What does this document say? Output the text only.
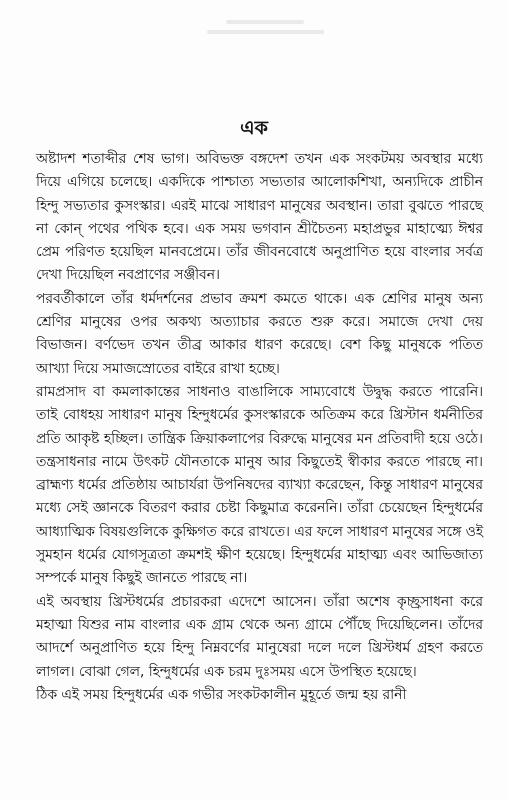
এক

অষ্টাদশ শতাব্দীর শেষ ভাগ। অবিভক্ত বঙ্গদেশ তখন এক সংকটময় অবস্থার মধ্যে দিয়ে এগিয়ে চলেছে। একদিকে পাশ্চাত্য সভ্যতার আলোকশিখা, অন্যদিকে প্রাচীন হিন্দু সভ্যতার কুসংস্কার। এরই মাঝে সাধারণ মানুষের অবস্থান। তারা বুঝতে পারছে না কোন্ পথের পথিক হবে। এক সময় ভগবান শ্রীচৈতন্য মহাপ্রভুর মাহাত্ম্যে ঈশ্বর প্রেম পরিণত হয়েছিল মানবপ্রেমে। তাঁর জীবনবোধে অনুপ্রাণিত হয়ে বাংলার সর্বত্র দেখা দিয়েছিল নবপ্রাণের সঞ্জীবন।

পরবর্তীকালে তাঁর ধর্মদর্শনের প্রভাব ক্রমশ কমতে থাকে। এক শ্রেণির মানুষ অন্য শ্রেণির মানুষের ওপর অকথ্য অত্যাচার করতে শুরু করে। সমাজে দেখা দেয় বিভাজন। বর্ণভেদ তখন তীব্র আকার ধারণ করেছে। বেশ কিছু মানুষকে পতিত আখ্যা দিয়ে সমাজস্রোতের বাইরে রাখা হচ্ছে।

রামপ্রসাদ বা কমলাকান্তের সাধনাও বাঙালিকে সাম্যবোধে উদ্বুদ্ধ করতে পারেনি। তাই বোধহয় সাধারণ মানুষ হিন্দুধর্মের কুসংস্কারকে অতিক্রম করে খ্রিস্টান ধর্মনীতির প্রতি আকৃষ্ট হচ্ছিল। তান্ত্রিক ক্রিয়াকলাপের বিরুদ্ধে মানুষের মন প্রতিবাদী হয়ে ওঠে। তন্ত্রসাধনার নামে উৎকট যৌনতাকে মানুষ আর কিছুতেই স্বীকার করতে পারছে না। ব্রাহ্মণ্য ধর্মের প্রতিষ্ঠায় আচার্যরা উপনিষদের ব্যাখ্যা করেছেন, কিন্তু সাধারণ মানুষের মধ্যে সেই জ্ঞানকে বিতরণ করার চেষ্টা কিছুমাত্র করেননি। তাঁরা চেয়েছেন হিন্দুধর্মের আধ্যাত্মিক বিষয়গুলিকে কুক্ষিগত করে রাখতে। এর ফলে সাধারণ মানুষের সঙ্গে ওই সুমহান ধর্মের যোগসূত্রতা ক্রমশই ক্ষীণ হয়েছে। হিন্দুধর্মের মাহাত্ম্য এবং আভিজাত্য সম্পর্কে মানুষ কিছুই জানতে পারছে না।

এই অবস্থায় খ্রিস্টধর্মের প্রচারকরা এদেশে আসেন। তাঁরা অশেষ কৃচ্ছ্রসাধনা করে মহাত্মা যিশুর নাম বাংলার এক গ্রাম থেকে অন্য গ্রামে পৌঁছে দিয়েছিলেন। তাঁদের আদর্শে অনুপ্রাণিত হয়ে হিন্দু নিম্নবর্ণের মানুষেরা দলে দলে খ্রিস্টধর্ম গ্রহণ করতে লাগল। বোঝা গেল, হিন্দুধর্মের এক চরম দুঃসময় এসে উপস্থিত হয়েছে।

ঠিক এই সময় হিন্দুধর্মের এক গভীর সংকটকালীন মুহূর্তে জন্ম হয় রানী
